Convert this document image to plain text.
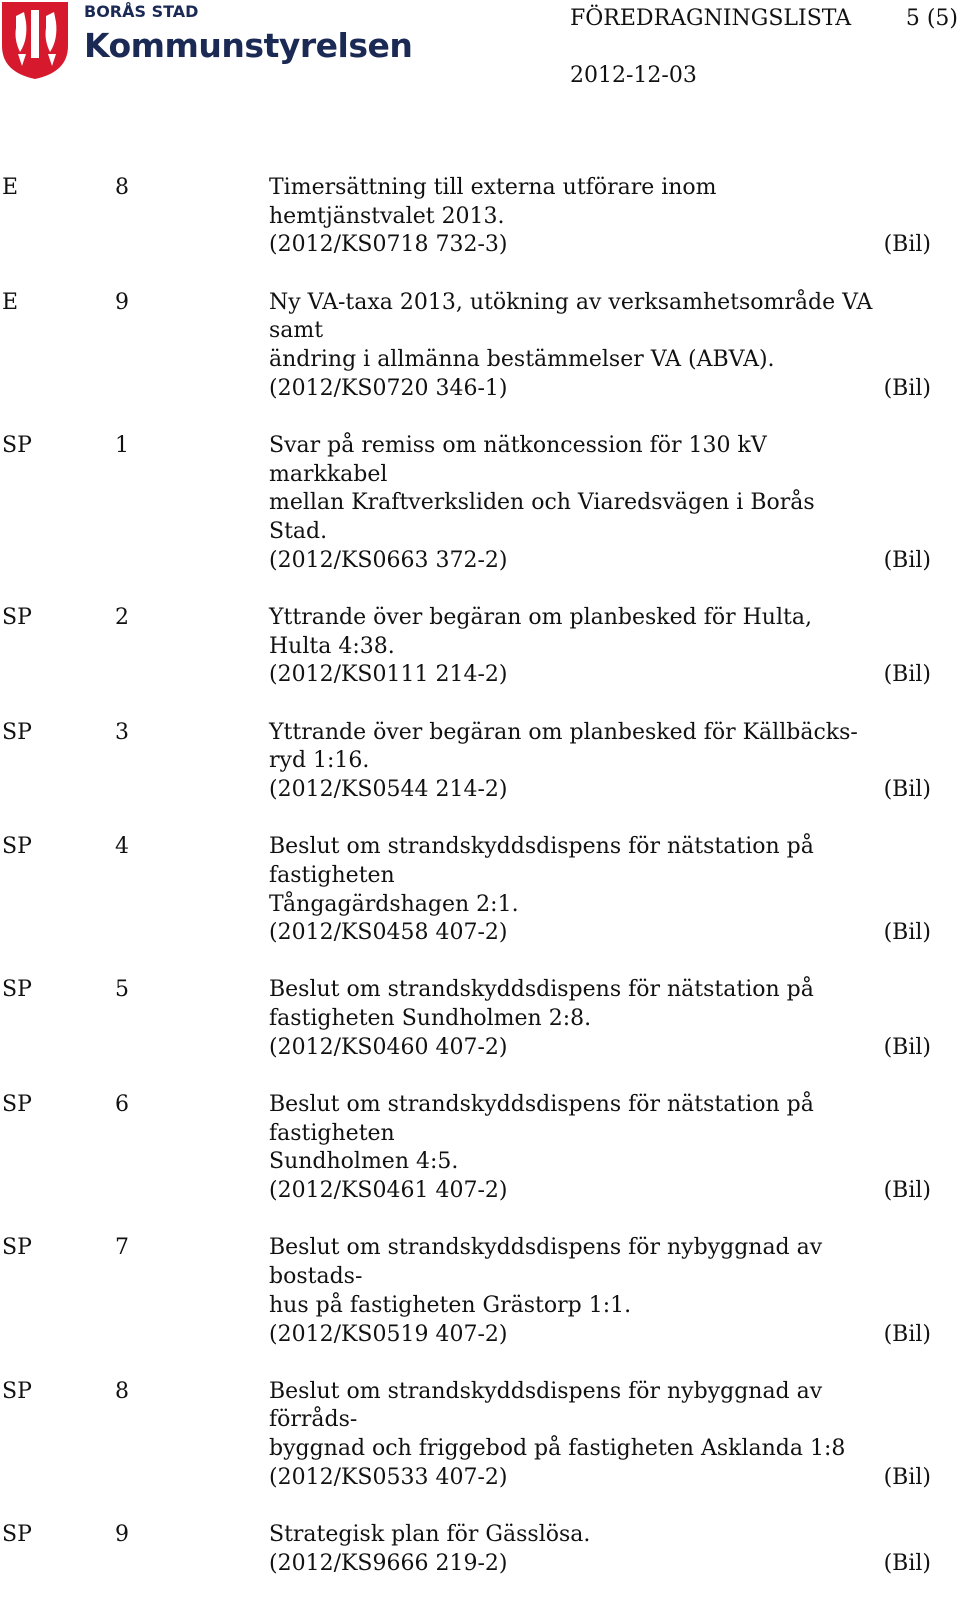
BORÅS STAD
Kommunstyrelsen
FÖREDRAGNINGSLISTA 5 (5)
2012-12-03
E	8	Timersättning till externa utförare inom hemtjänstvalet 2013.
(2012/KS0718 732-3)	(Bil)
E	9	Ny VA-taxa 2013, utökning av verksamhetsområde VA samt
ändring i allmänna bestämmelser VA (ABVA).
(2012/KS0720 346-1)	(Bil)
SP	1	Svar på remiss om nätkoncession för 130 kV markkabel
mellan Kraftverksliden och Viaredsvägen i Borås Stad.
(2012/KS0663 372-2)	(Bil)
SP	2	Yttrande över begäran om planbesked för Hulta, Hulta 4:38.
(2012/KS0111 214-2)	(Bil)
SP	3	Yttrande över begäran om planbesked för Källbäcks-
ryd 1:16.
(2012/KS0544 214-2)	(Bil)
SP	4	Beslut om strandskyddsdispens för nätstation på fastigheten
Tångagärdshagen 2:1.
(2012/KS0458 407-2)	(Bil)
SP	5	Beslut om strandskyddsdispens för nätstation på
fastigheten Sundholmen 2:8.
(2012/KS0460 407-2)	(Bil)
SP	6	Beslut om strandskyddsdispens för nätstation på fastigheten
Sundholmen 4:5.
(2012/KS0461 407-2)	(Bil)
SP	7	Beslut om strandskyddsdispens för nybyggnad av bostads-
hus på fastigheten Grästorp 1:1.
(2012/KS0519 407-2)	(Bil)
SP	8	Beslut om strandskyddsdispens för nybyggnad av förråds-
byggnad och friggebod på fastigheten Asklanda 1:8
(2012/KS0533 407-2)	(Bil)
SP	9	Strategisk plan för Gässlösa.
(2012/KS9666 219-2)	(Bil)
